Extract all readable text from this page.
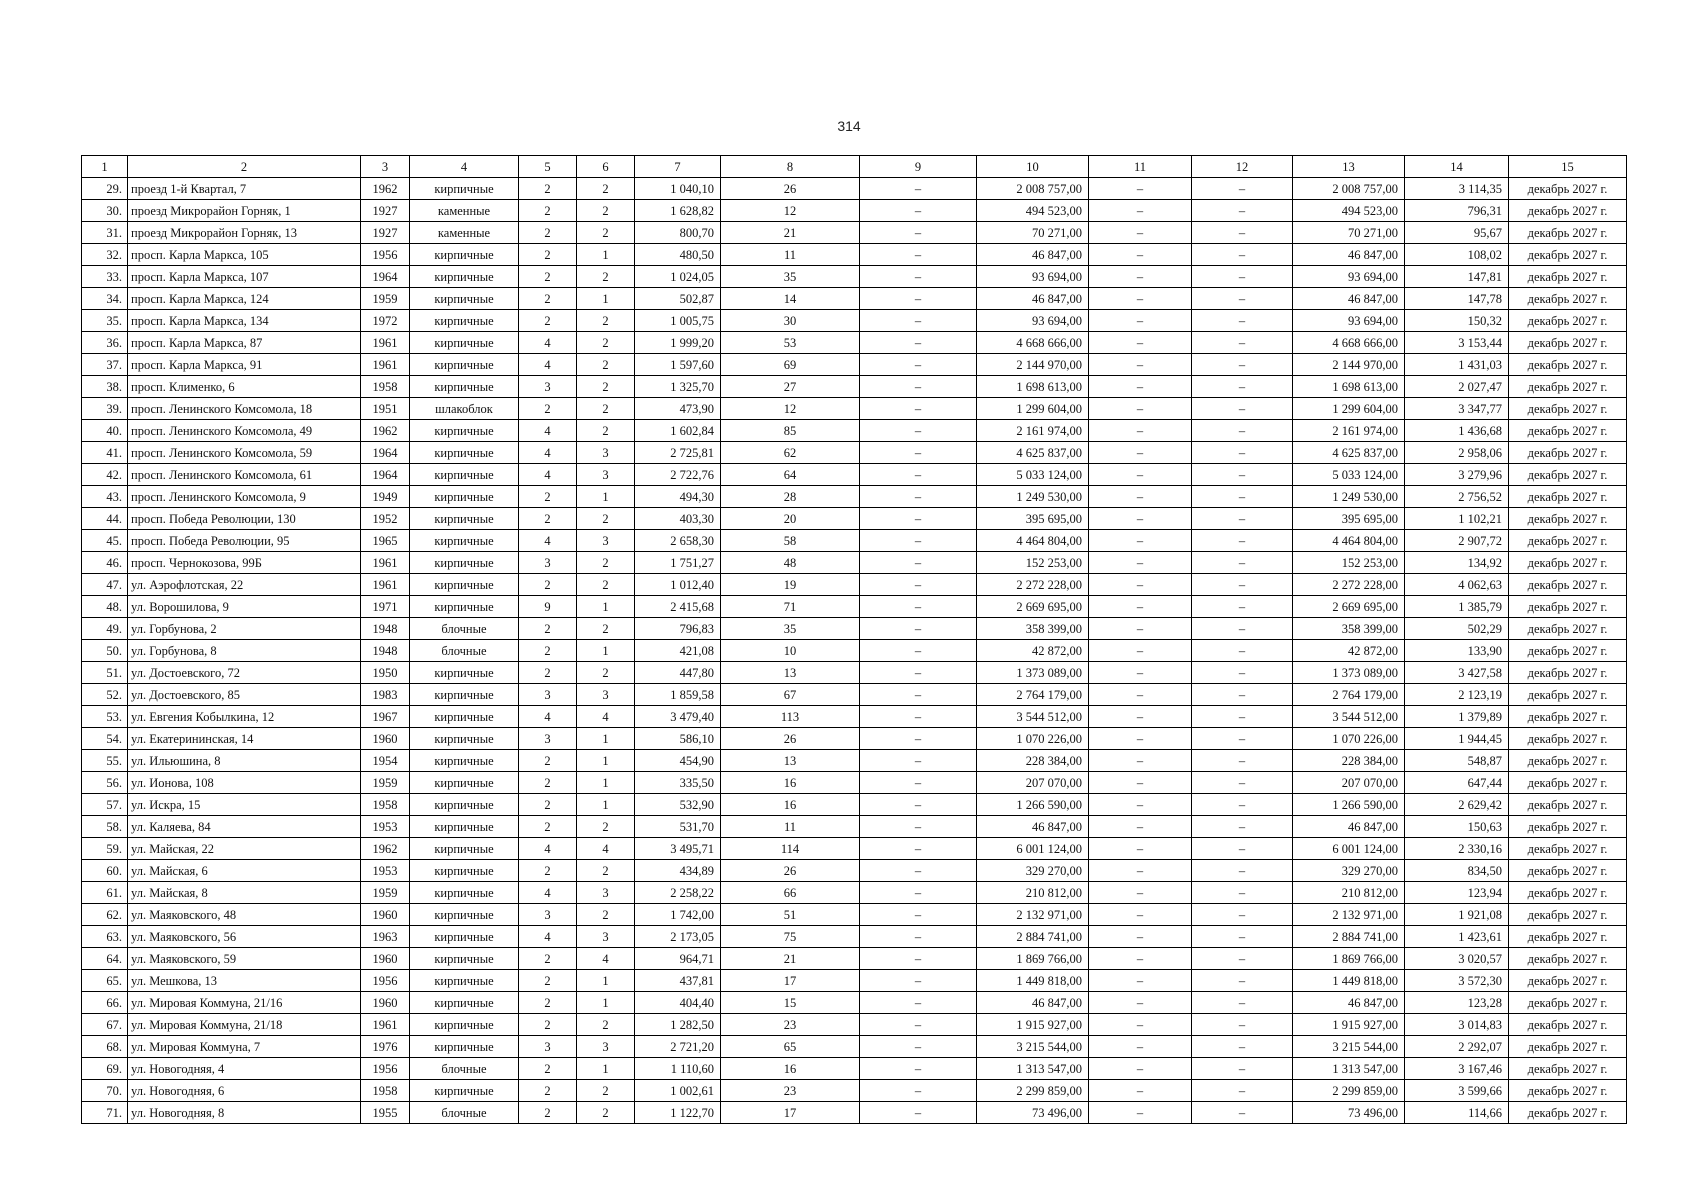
314
1	2	3	4	5	6	7	8	9	10	11	12	13	14	15
29.	проезд 1-й Квартал, 7	1962	кирпичные	2	2	1 040,10	26	–	2 008 757,00	–	–	2 008 757,00	3 114,35	декабрь 2027 г.
30.	проезд Микрорайон Горняк, 1	1927	каменные	2	2	1 628,82	12	–	494 523,00	–	–	494 523,00	796,31	декабрь 2027 г.
31.	проезд Микрорайон Горняк, 13	1927	каменные	2	2	800,70	21	–	70 271,00	–	–	70 271,00	95,67	декабрь 2027 г.
32.	просп. Карла Маркса, 105	1956	кирпичные	2	1	480,50	11	–	46 847,00	–	–	46 847,00	108,02	декабрь 2027 г.
33.	просп. Карла Маркса, 107	1964	кирпичные	2	2	1 024,05	35	–	93 694,00	–	–	93 694,00	147,81	декабрь 2027 г.
34.	просп. Карла Маркса, 124	1959	кирпичные	2	1	502,87	14	–	46 847,00	–	–	46 847,00	147,78	декабрь 2027 г.
35.	просп. Карла Маркса, 134	1972	кирпичные	2	2	1 005,75	30	–	93 694,00	–	–	93 694,00	150,32	декабрь 2027 г.
36.	просп. Карла Маркса, 87	1961	кирпичные	4	2	1 999,20	53	–	4 668 666,00	–	–	4 668 666,00	3 153,44	декабрь 2027 г.
37.	просп. Карла Маркса, 91	1961	кирпичные	4	2	1 597,60	69	–	2 144 970,00	–	–	2 144 970,00	1 431,03	декабрь 2027 г.
38.	просп. Клименко, 6	1958	кирпичные	3	2	1 325,70	27	–	1 698 613,00	–	–	1 698 613,00	2 027,47	декабрь 2027 г.
39.	просп. Ленинского Комсомола, 18	1951	шлакоблок	2	2	473,90	12	–	1 299 604,00	–	–	1 299 604,00	3 347,77	декабрь 2027 г.
40.	просп. Ленинского Комсомола, 49	1962	кирпичные	4	2	1 602,84	85	–	2 161 974,00	–	–	2 161 974,00	1 436,68	декабрь 2027 г.
41.	просп. Ленинского Комсомола, 59	1964	кирпичные	4	3	2 725,81	62	–	4 625 837,00	–	–	4 625 837,00	2 958,06	декабрь 2027 г.
42.	просп. Ленинского Комсомола, 61	1964	кирпичные	4	3	2 722,76	64	–	5 033 124,00	–	–	5 033 124,00	3 279,96	декабрь 2027 г.
43.	просп. Ленинского Комсомола, 9	1949	кирпичные	2	1	494,30	28	–	1 249 530,00	–	–	1 249 530,00	2 756,52	декабрь 2027 г.
44.	просп. Победа Революции, 130	1952	кирпичные	2	2	403,30	20	–	395 695,00	–	–	395 695,00	1 102,21	декабрь 2027 г.
45.	просп. Победа Революции, 95	1965	кирпичные	4	3	2 658,30	58	–	4 464 804,00	–	–	4 464 804,00	2 907,72	декабрь 2027 г.
46.	просп. Чернокозова, 99Б	1961	кирпичные	3	2	1 751,27	48	–	152 253,00	–	–	152 253,00	134,92	декабрь 2027 г.
47.	ул. Аэрофлотская, 22	1961	кирпичные	2	2	1 012,40	19	–	2 272 228,00	–	–	2 272 228,00	4 062,63	декабрь 2027 г.
48.	ул. Ворошилова, 9	1971	кирпичные	9	1	2 415,68	71	–	2 669 695,00	–	–	2 669 695,00	1 385,79	декабрь 2027 г.
49.	ул. Горбунова, 2	1948	блочные	2	2	796,83	35	–	358 399,00	–	–	358 399,00	502,29	декабрь 2027 г.
50.	ул. Горбунова, 8	1948	блочные	2	1	421,08	10	–	42 872,00	–	–	42 872,00	133,90	декабрь 2027 г.
51.	ул. Достоевского, 72	1950	кирпичные	2	2	447,80	13	–	1 373 089,00	–	–	1 373 089,00	3 427,58	декабрь 2027 г.
52.	ул. Достоевского, 85	1983	кирпичные	3	3	1 859,58	67	–	2 764 179,00	–	–	2 764 179,00	2 123,19	декабрь 2027 г.
53.	ул. Евгения Кобылкина, 12	1967	кирпичные	4	4	3 479,40	113	–	3 544 512,00	–	–	3 544 512,00	1 379,89	декабрь 2027 г.
54.	ул. Екатерининская, 14	1960	кирпичные	3	1	586,10	26	–	1 070 226,00	–	–	1 070 226,00	1 944,45	декабрь 2027 г.
55.	ул. Ильюшина, 8	1954	кирпичные	2	1	454,90	13	–	228 384,00	–	–	228 384,00	548,87	декабрь 2027 г.
56.	ул. Ионова, 108	1959	кирпичные	2	1	335,50	16	–	207 070,00	–	–	207 070,00	647,44	декабрь 2027 г.
57.	ул. Искра, 15	1958	кирпичные	2	1	532,90	16	–	1 266 590,00	–	–	1 266 590,00	2 629,42	декабрь 2027 г.
58.	ул. Каляева, 84	1953	кирпичные	2	2	531,70	11	–	46 847,00	–	–	46 847,00	150,63	декабрь 2027 г.
59.	ул. Майская, 22	1962	кирпичные	4	4	3 495,71	114	–	6 001 124,00	–	–	6 001 124,00	2 330,16	декабрь 2027 г.
60.	ул. Майская, 6	1953	кирпичные	2	2	434,89	26	–	329 270,00	–	–	329 270,00	834,50	декабрь 2027 г.
61.	ул. Майская, 8	1959	кирпичные	4	3	2 258,22	66	–	210 812,00	–	–	210 812,00	123,94	декабрь 2027 г.
62.	ул. Маяковского, 48	1960	кирпичные	3	2	1 742,00	51	–	2 132 971,00	–	–	2 132 971,00	1 921,08	декабрь 2027 г.
63.	ул. Маяковского, 56	1963	кирпичные	4	3	2 173,05	75	–	2 884 741,00	–	–	2 884 741,00	1 423,61	декабрь 2027 г.
64.	ул. Маяковского, 59	1960	кирпичные	2	4	964,71	21	–	1 869 766,00	–	–	1 869 766,00	3 020,57	декабрь 2027 г.
65.	ул. Мешкова, 13	1956	кирпичные	2	1	437,81	17	–	1 449 818,00	–	–	1 449 818,00	3 572,30	декабрь 2027 г.
66.	ул. Мировая Коммуна, 21/16	1960	кирпичные	2	1	404,40	15	–	46 847,00	–	–	46 847,00	123,28	декабрь 2027 г.
67.	ул. Мировая Коммуна, 21/18	1961	кирпичные	2	2	1 282,50	23	–	1 915 927,00	–	–	1 915 927,00	3 014,83	декабрь 2027 г.
68.	ул. Мировая Коммуна, 7	1976	кирпичные	3	3	2 721,20	65	–	3 215 544,00	–	–	3 215 544,00	2 292,07	декабрь 2027 г.
69.	ул. Новогодняя, 4	1956	блочные	2	1	1 110,60	16	–	1 313 547,00	–	–	1 313 547,00	3 167,46	декабрь 2027 г.
70.	ул. Новогодняя, 6	1958	кирпичные	2	2	1 002,61	23	–	2 299 859,00	–	–	2 299 859,00	3 599,66	декабрь 2027 г.
71.	ул. Новогодняя, 8	1955	блочные	2	2	1 122,70	17	–	73 496,00	–	–	73 496,00	114,66	декабрь 2027 г.
